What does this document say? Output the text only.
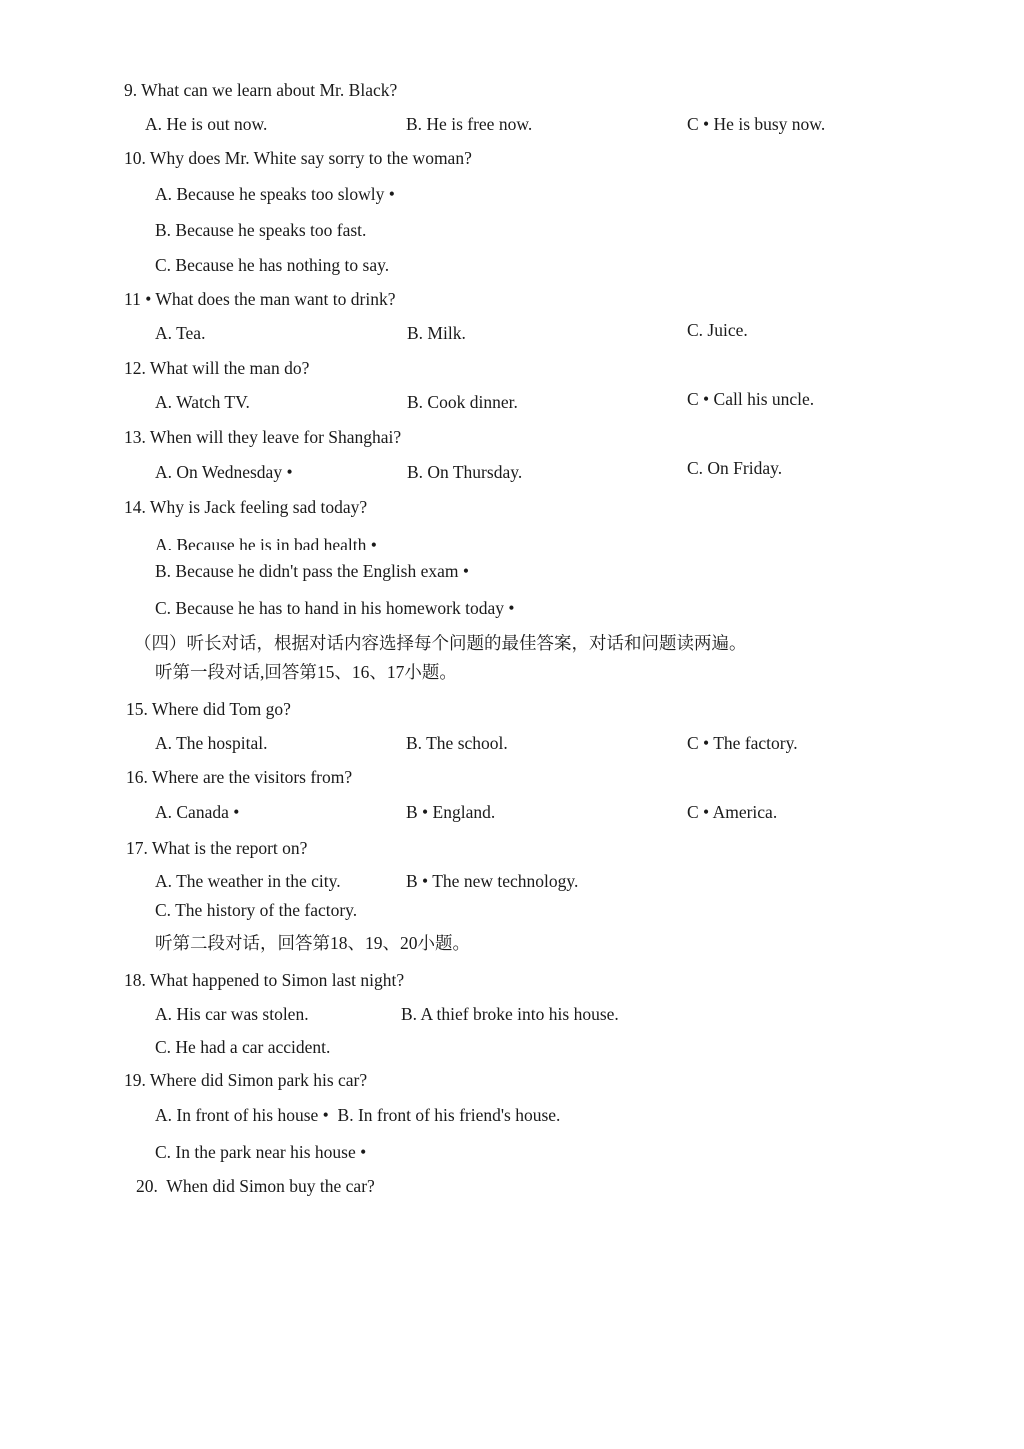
9. What can we learn about Mr. Black?
A. He is out now.	B. He is free now.	C • He is busy now.
10. Why does Mr. White say sorry to the woman?
A. Because he speaks too slowly •
B. Because he speaks too fast.
C. Because he has nothing to say.
11 • What does the man want to drink?
A. Tea.	B. Milk.	C. Juice.
12. What will the man do?
A. Watch TV.	B. Cook dinner.	C • Call his uncle.
13. When will they leave for Shanghai?
A. On Wednesday •	B. On Thursday.	C. On Friday.
14. Why is Jack feeling sad today?
A. Because he is in bad health •
B. Because he didn't pass the English exam •
C. Because he has to hand in his homework today •
（四）听长对话，根据对话内容选择每个问题的最佳答案，对话和问题读两遍。
听第一段对话,回答第15、16、17小题。
15. Where did Tom go?
A. The hospital.	B. The school.	C • The factory.
16. Where are the visitors from?
A. Canada •	B • England.	C • America.
17. What is the report on?
A. The weather in the city.	B • The new technology.
C. The history of the factory.
听第二段对话，回答第18、19、20小题。
18. What happened to Simon last night?
A. His car was stolen.	B. A thief broke into his house.
C. He had a car accident.
19. Where did Simon park his car?
A. In front of his house •  B. In front of his friend's house.
C. In the park near his house •
20.  When did Simon buy the car?
